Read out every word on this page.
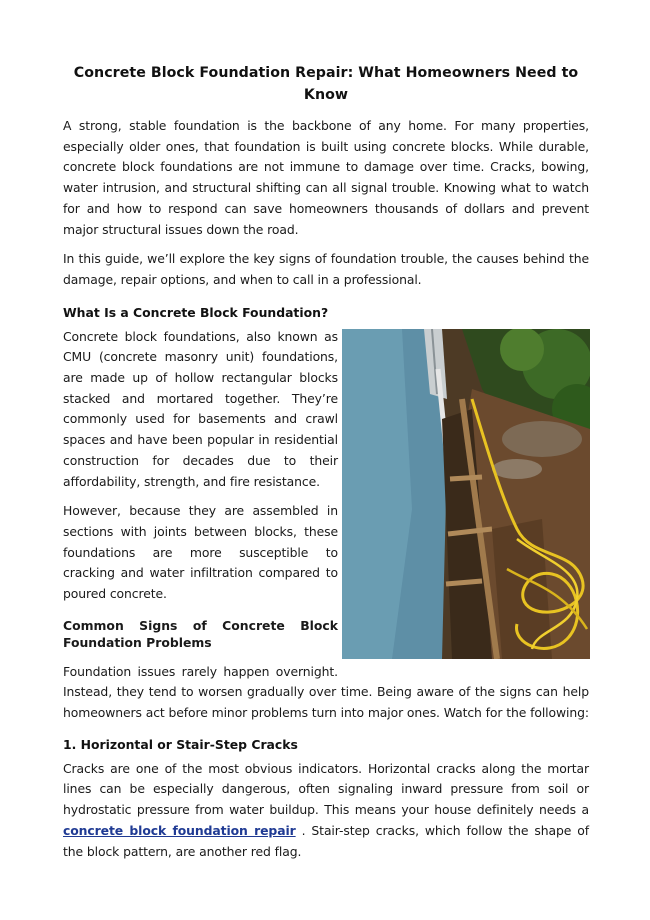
Concrete Block Foundation Repair: What Homeowners Need to Know

A strong, stable foundation is the backbone of any home. For many properties, especially older ones, that foundation is built using concrete blocks. While durable, concrete block foundations are not immune to damage over time. Cracks, bowing, water intrusion, and structural shifting can all signal trouble. Knowing what to watch for and how to respond can save homeowners thousands of dollars and prevent major structural issues down the road.

In this guide, we’ll explore the key signs of foundation trouble, the causes behind the damage, repair options, and when to call in a professional.

What Is a Concrete Block Foundation?

Concrete block foundations, also known as CMU (concrete masonry unit) foundations, are made up of hollow rectangular blocks stacked and mortared together. They’re commonly used for basements and crawl spaces and have been popular in residential construction for decades due to their affordability, strength, and fire resistance.

However, because they are assembled in sections with joints between blocks, these foundations are more susceptible to cracking and water infiltration compared to poured concrete.

Common Signs of Concrete Block Foundation Problems

Foundation issues rarely happen overnight. Instead, they tend to worsen gradually over time. Being aware of the signs can help homeowners act before minor problems turn into major ones. Watch for the following:

1. Horizontal or Stair-Step Cracks

Cracks are one of the most obvious indicators. Horizontal cracks along the mortar lines can be especially dangerous, often signaling inward pressure from soil or hydrostatic pressure from water buildup. This means your house definitely needs a concrete block foundation repair . Stair-step cracks, which follow the shape of the block pattern, are another red flag.
